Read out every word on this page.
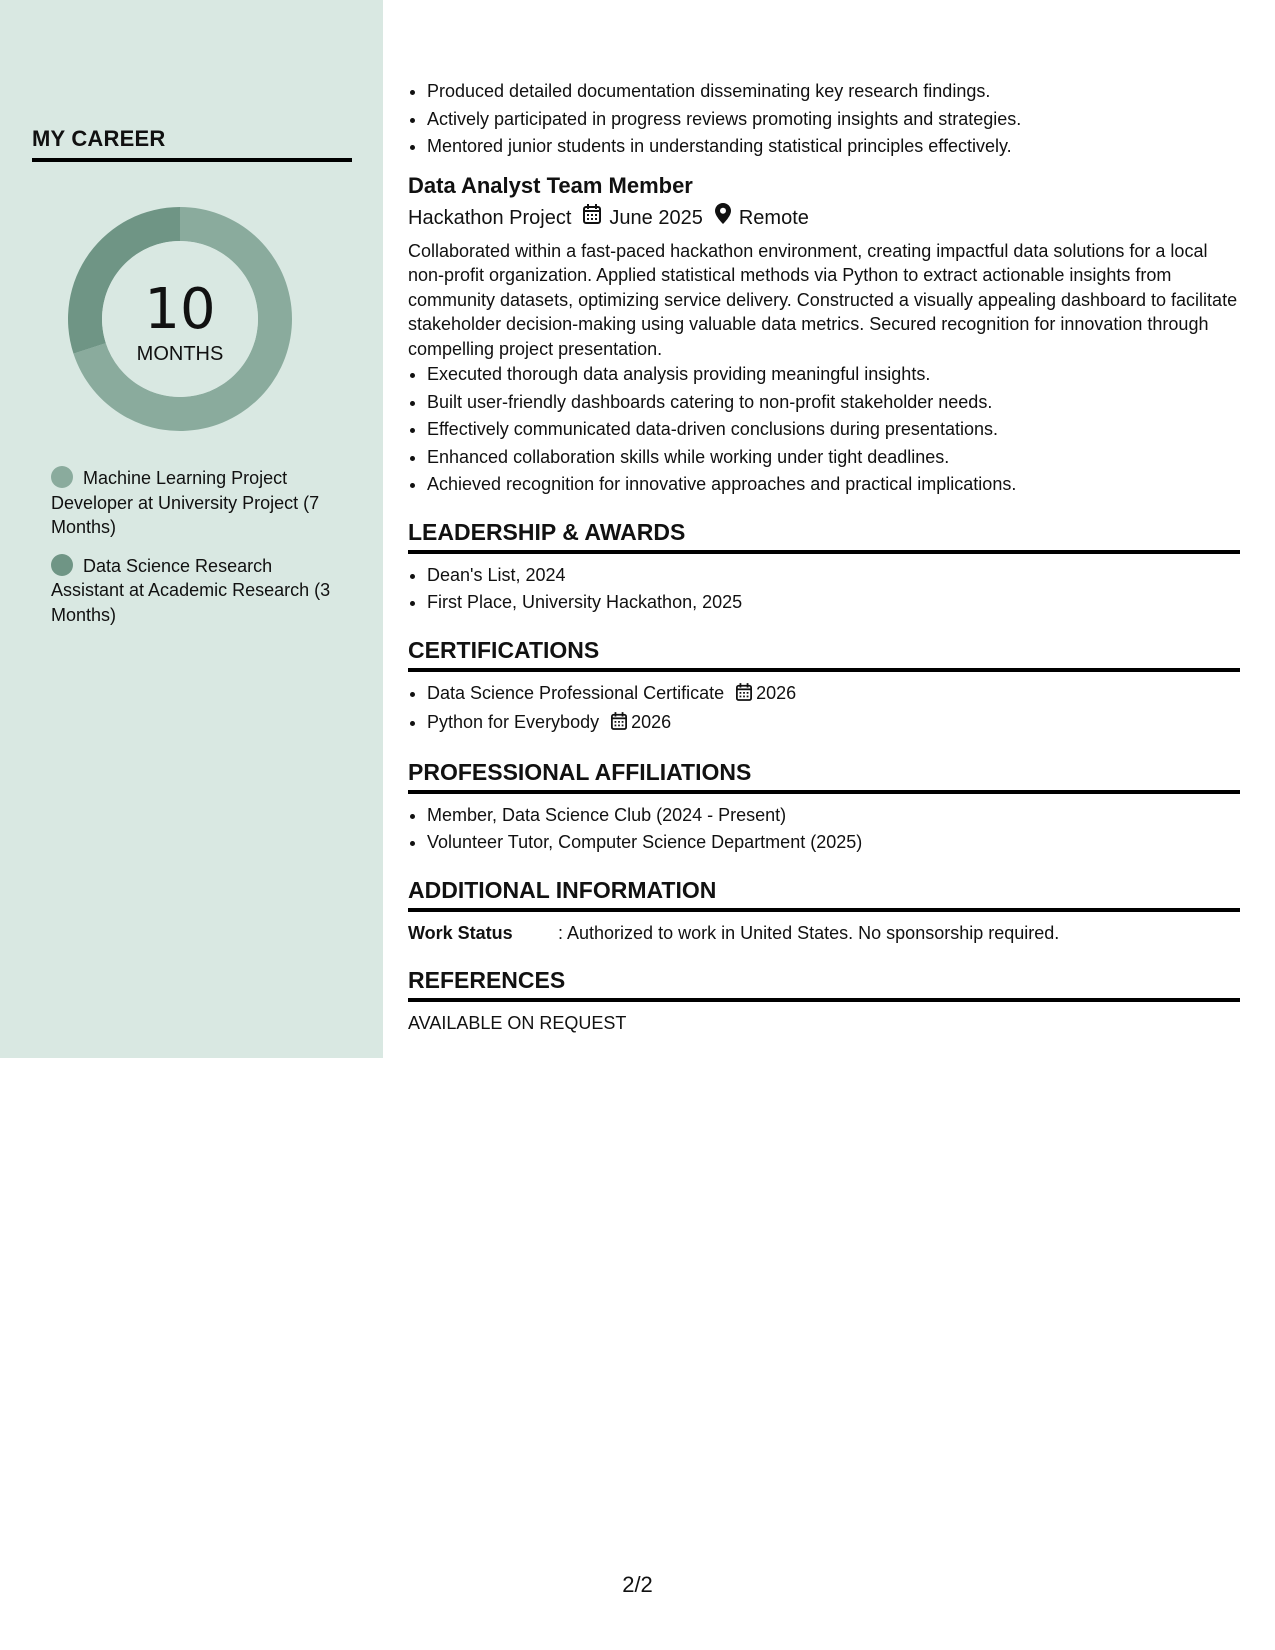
MY CAREER
10
MONTHS
Machine Learning Project Developer at University Project (7 Months)
Data Science Research Assistant at Academic Research (3 Months)
• Produced detailed documentation disseminating key research findings.
• Actively participated in progress reviews promoting insights and strategies.
• Mentored junior students in understanding statistical principles effectively.
Data Analyst Team Member
Hackathon Project June 2025 Remote
Collaborated within a fast-paced hackathon environment, creating impactful data solutions for a local non-profit organization. Applied statistical methods via Python to extract actionable insights from community datasets, optimizing service delivery. Constructed a visually appealing dashboard to facilitate stakeholder decision-making using valuable data metrics. Secured recognition for innovation through compelling project presentation.
• Executed thorough data analysis providing meaningful insights.
• Built user-friendly dashboards catering to non-profit stakeholder needs.
• Effectively communicated data-driven conclusions during presentations.
• Enhanced collaboration skills while working under tight deadlines.
• Achieved recognition for innovative approaches and practical implications.
LEADERSHIP & AWARDS
• Dean's List, 2024
• First Place, University Hackathon, 2025
CERTIFICATIONS
• Data Science Professional Certificate 2026
• Python for Everybody 2026
PROFESSIONAL AFFILIATIONS
• Member, Data Science Club (2024 - Present)
• Volunteer Tutor, Computer Science Department (2025)
ADDITIONAL INFORMATION
Work Status	: Authorized to work in United States. No sponsorship required.
REFERENCES
AVAILABLE ON REQUEST
2/2
